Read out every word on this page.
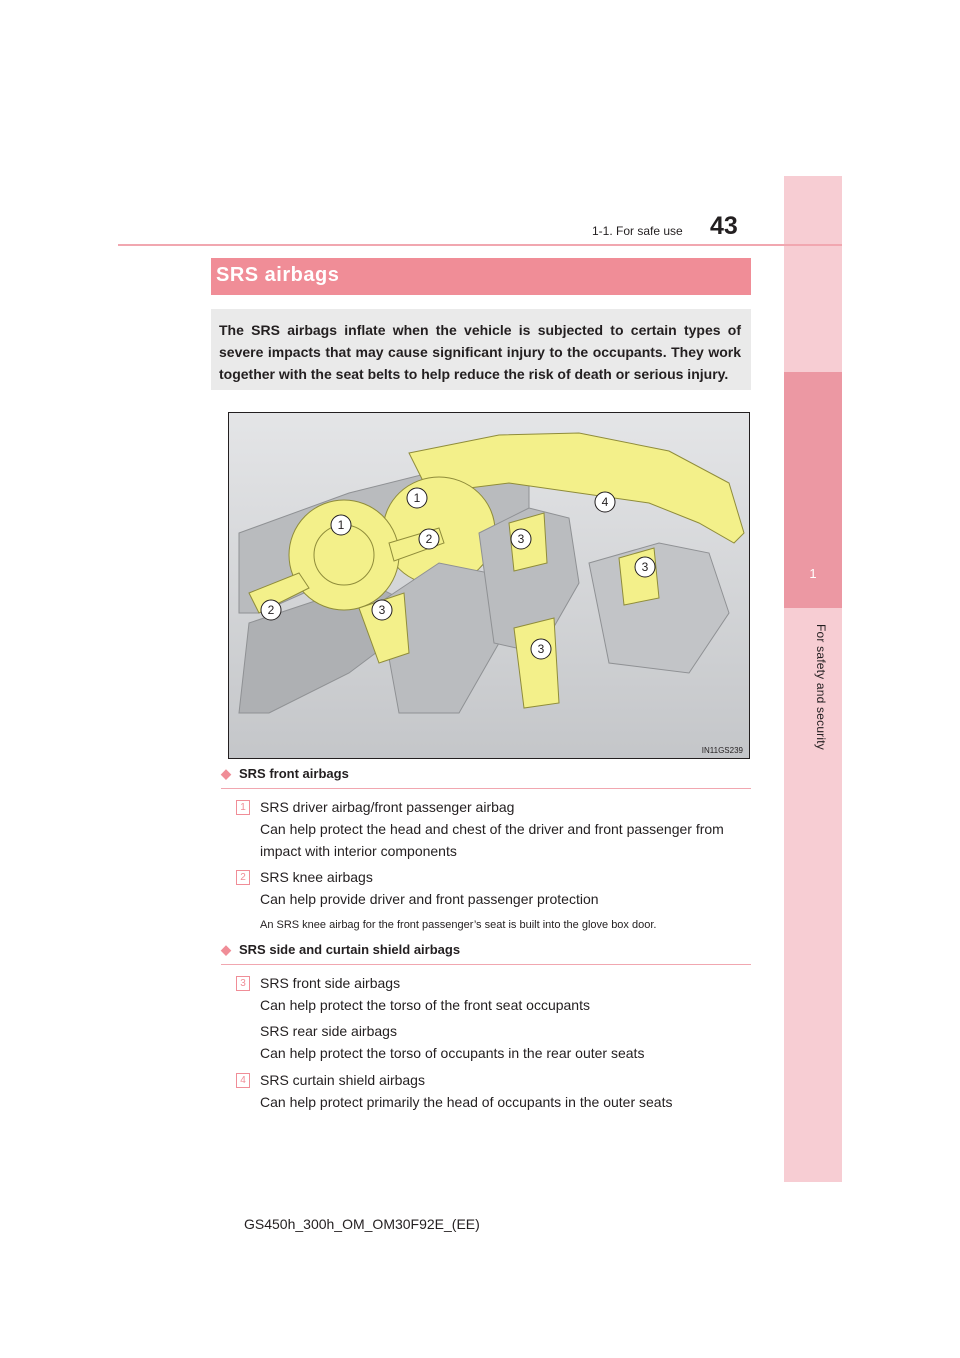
1
For safety and security
1-1. For safe use 43
SRS airbags
The SRS airbags inflate when the vehicle is subjected to certain types of severe impacts that may cause significant injury to the occupants. They work together with the seat belts to help reduce the risk of death or serious injury.
1
1
2
2
3
3
3
3
4
IN11GS239
◆ SRS front airbags
1	SRS driver airbag/front passenger airbag
Can help protect the head and chest of the driver and front passenger from impact with interior components
2	SRS knee airbags
Can help provide driver and front passenger protection
An SRS knee airbag for the front passenger’s seat is built into the glove box door.
◆ SRS side and curtain shield airbags
3	SRS front side airbags
Can help protect the torso of the front seat occupants
SRS rear side airbags
Can help protect the torso of occupants in the rear outer seats
4	SRS curtain shield airbags
Can help protect primarily the head of occupants in the outer seats
GS450h_300h_OM_OM30F92E_(EE)
